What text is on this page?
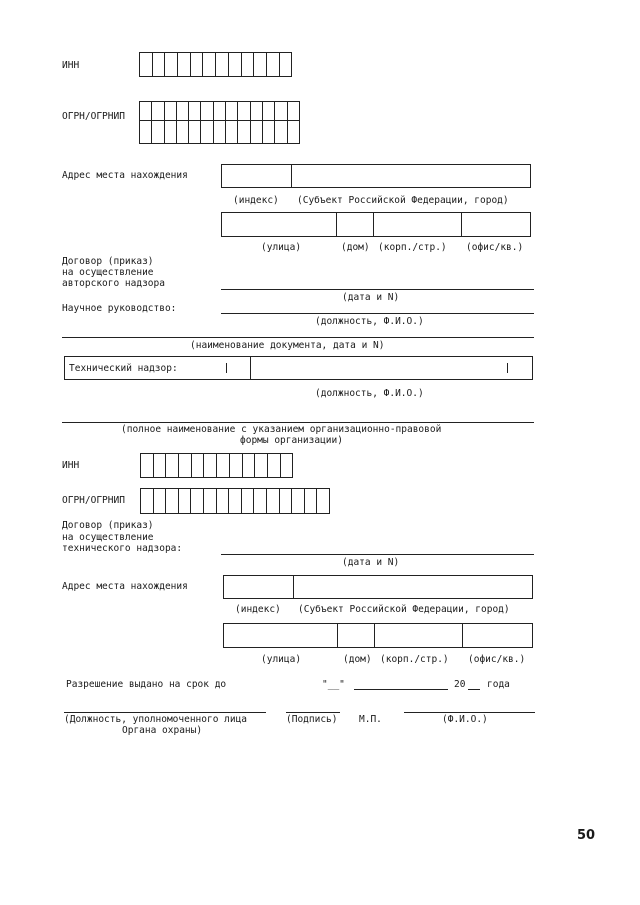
ИНН
ОГРН/ОГРНИП
Адрес места нахождения
(индекс) (Субъект Российской Федерации, город)
(улица)	(дом) (корп./стр.) (офис/кв.)
Договор (приказ)
на осуществление
авторского надзора
(дата и N)
Научное руководство:
(должность, Ф.И.О.)
(наименование документа, дата и N)
Технический надзор:
(должность, Ф.И.О.)
(полное наименование с указанием организационно-правовой
формы организации)
ИНН
ОГРН/ОГРНИП
Договор (приказ)
на осуществление
технического надзора:
(дата и N)
Адрес места нахождения
(индекс) (Субъект Российской Федерации, город)
(улица)	(дом) (корп./стр.) (офис/кв.)
Разрешение выдано на срок до	"__"	20 года
(Должность, уполномоченного лица
Органа охраны)
(Подпись) М.П.	(Ф.И.О.)
50
